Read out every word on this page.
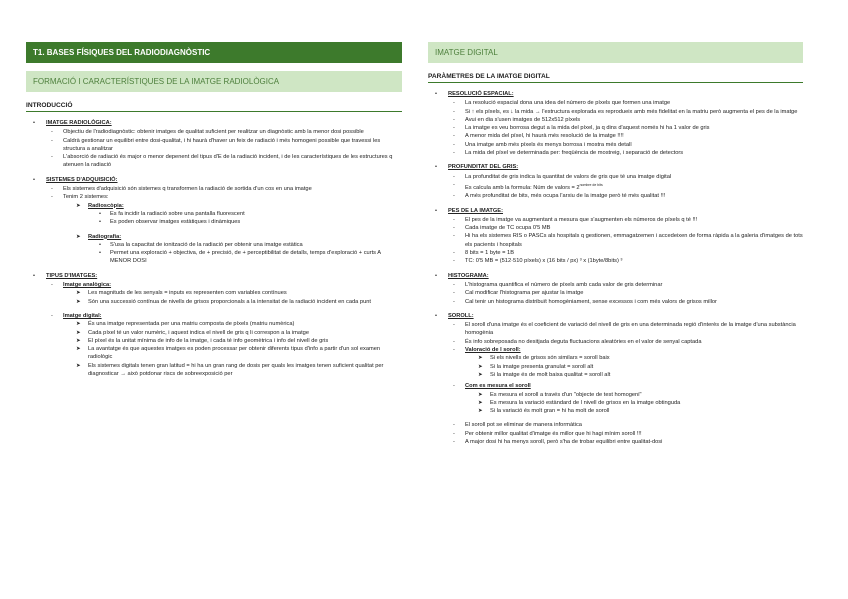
T1. BASES FÍSIQUES DEL RADIODIAGNÒSTIC
FORMACIÓ I CARACTERÍSTIQUES DE LA IMATGE RADIOLÒGICA
INTRODUCCIÓ
• IMATGE RADIOLÒGICA:
- Objectiu de l'radiodiagnòstic: obtenir imatges de qualitat suficient per realitzar un diagnòstic amb la menor dosi possible
- Caldrà gestionar un equilibri entre dosi-qualitat, i hi haurà d'haver un feix de radiació i més homogeni possible que travessi les structura a analitzar
- L'absorció de radiació és major o menor depenent del tipus d'E de la radiació incident, i de les característiques de les estructures q atenuen la radiació
• SISTEMES D'ADQUISICIÓ:
- Els sistemes d'adquisició són sistemes q transformen la radiació de sortida d'un cos en una imatge
- Tenim 2 sistemes:
➤ Radioscòpia:
• Es fa incidir la radiació sobre una pantalla fluorescent
• Es poden observar imatges estàtiques i dinàmiques
➤ Radiografia:
• S'usa la capacitat de ionització de la radiació per obtenir una imatge estàtica
• Permet una exploració + objectiva, de + precisió, de + perceptibilitat de detalls, temps d'exploració + curts A MENOR DOSI
• TIPUS D'IMATGES:
- Imatge analògica:
➤ Les magnituds de les senyals = inputs es representen com variables contínues
➤ Són una successió contínua de nivells de grisos proporcionals a la intensitat de la radiació incident en cada punt
- Imatge digital:
➤ És una imatge representada per una matriu composta de píxels (matriu numèrica)
➤ Cada píxel té un valor numèric, i aquest indica el nivell de gris q li correspon a la imatge
➤ El píxel és la unitat mínima de info de la imatge, i cada té info geomètrica i info del nivell de gris
➤ La avantatge és que aquestes imatges es poden processar per obtenir diferents tipus d'info a partir d'un sol examen radiològic
➤ Els sistemes digitals tenen gran latitud = hi ha un gran rang de dosis per quals les imatges tenen suficient qualitat per diagnosticar → això potdonar riscs de sobreexposició per
IMATGE DIGITAL
PARÀMETRES DE LA IMATGE DIGITAL
• RESOLUCIÓ ESPACIAL:
- La resolució espacial dona una idea del número de píxels que formen una imatge
- Si ↑ els píxels, es ↓ la mida → l'estructura explorada es reprodueix amb més fidelitat en la matriu però augmenta el pes de la imatge
- Avui en dia s'usen imatges de 512x512 píxels
- La imatge es veu borrosa degut a la mida del píxel, ja q dins d'aquest només hi ha 1 valor de gris
- A menor mida del píxel, hi haurà més resolució de la imatge !!!!
- Una imatge amb més píxels és menys borrosa i mostra més detall
- La mida del píxel ve determinada per: freqüència de mostreig, i separació de detectors
• PROFUNDITAT DEL GRIS:
- La profunditat de gris indica la quantitat de valors de gris que té una imatge digital
- Es calcula amb la formula: Núm de valors = $2^{nombre de bits}$
- A més profunditat de bits, més ocupa l'arxiu de la imatge però té més qualitat !!!
• PES DE LA IMATGE:
- El pes de la imatge va augmentant a mesura que s'augmenten els números de píxels q té !!!
- Cada imatge de TC ocupa 0'5 MB
- Hi ha els sistemes RIS o PASCs als hospitals q gestionen, emmagatzemen i accedeixen de forma ràpida a la galeria d'imatges de tots els pacients i hospitals
- 8 bits = 1 byte = 1B
- TC: 0'5 MB = (512·510 píxels) x (16 bits / px) ³ x (1byte/8bits) ³
• HISTOGRAMA:
- L'histograma quantifica el número de píxels amb cada valor de gris determinar
- Cal modificar l'histograma per ajustar la imatge
- Cal tenir un histograma distribuït homogèniament, sense excessos i com més valors de grisos millor
• SOROLL:
- El soroll d'una imatge és el coeficient de variació del nivell de gris en una determinada regió d'interès de la imatge d'una substància homogènia
- És info sobreposada no desitjada deguta fluctuacions aleatòries en el valor de senyal captada
- Valoració de l soroll:
➤ Si els nivells de grisos són similars = soroll baix
➤ Si la imatge presenta granulat = soroll alt
➤ Si la imatge és de molt baixa qualitat = soroll alt
- Com es mesura el soroll
➤ Es mesura el soroll a través d'un "objecte de test homogeni"
➤ Es mesura la variació estàndard de l nivell de grisos en la imatge obtinguda
➤ Si la variació és molt gran = hi ha molt de soroll
- El soroll pot se eliminar de manera informàtica
- Per obtenir millor qualitat d'imatge és millor que hi hagi mínim soroll !!!
- A major dosi hi ha menys soroll, però s'ha de trobar equilibri entre qualitat-dosi
